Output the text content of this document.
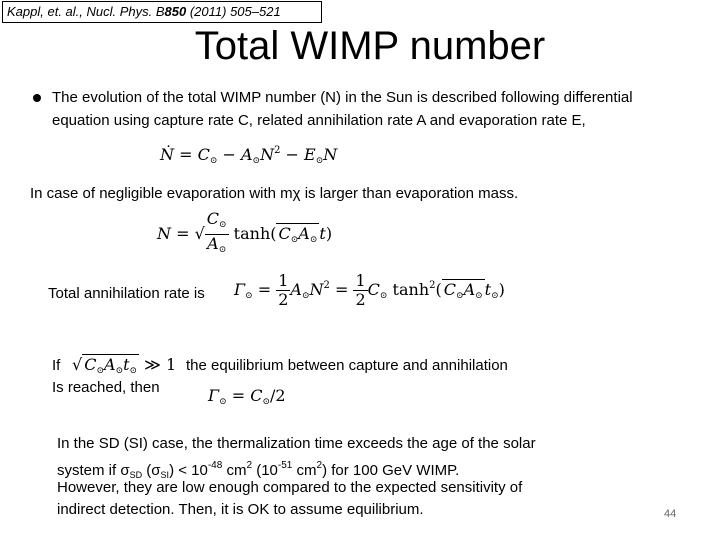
Kappl, et. al., Nucl. Phys. B850 (2011) 505–521
Total WIMP number
The evolution of the total WIMP number (N) in the Sun is described following differential
equation using capture rate C, related annihilation rate A and evaporation rate E,
Ṅ = $C_⊙ - A_⊙N^2 - E_⊙N$
In case of negligible evaporation with mχ is larger than evaporation mass.
N = √ $\frac{C_⊙}{A_⊙} \tanh$( $C_⊙A_⊙$ t)
Total annihilation rate is $\Gamma_⊙ = \frac{1}{2} A_⊙N^2 = \frac{1}{2} C_⊙$ $\tanh^2$( $C_⊙A_⊙$ $t_⊙$)
If √ $C_⊙A_⊙t_⊙$ ≫ 1 the equilibrium between capture and annihilation
Is reached, then	$\Gamma_⊙ = C_⊙/2$
In the SD (SI) case, the thermalization time exceeds the age of the solar
system if $\sigma_{SD}$ $(\sigma_{SI}) < 10^{-48}$ $cm^2$ ($10^{-51}$ $cm^2$) for 100 GeV WIMP.
However, they are low enough compared to the expected sensitivity of
indirect detection. Then, it is OK to assume equilibrium.	44
